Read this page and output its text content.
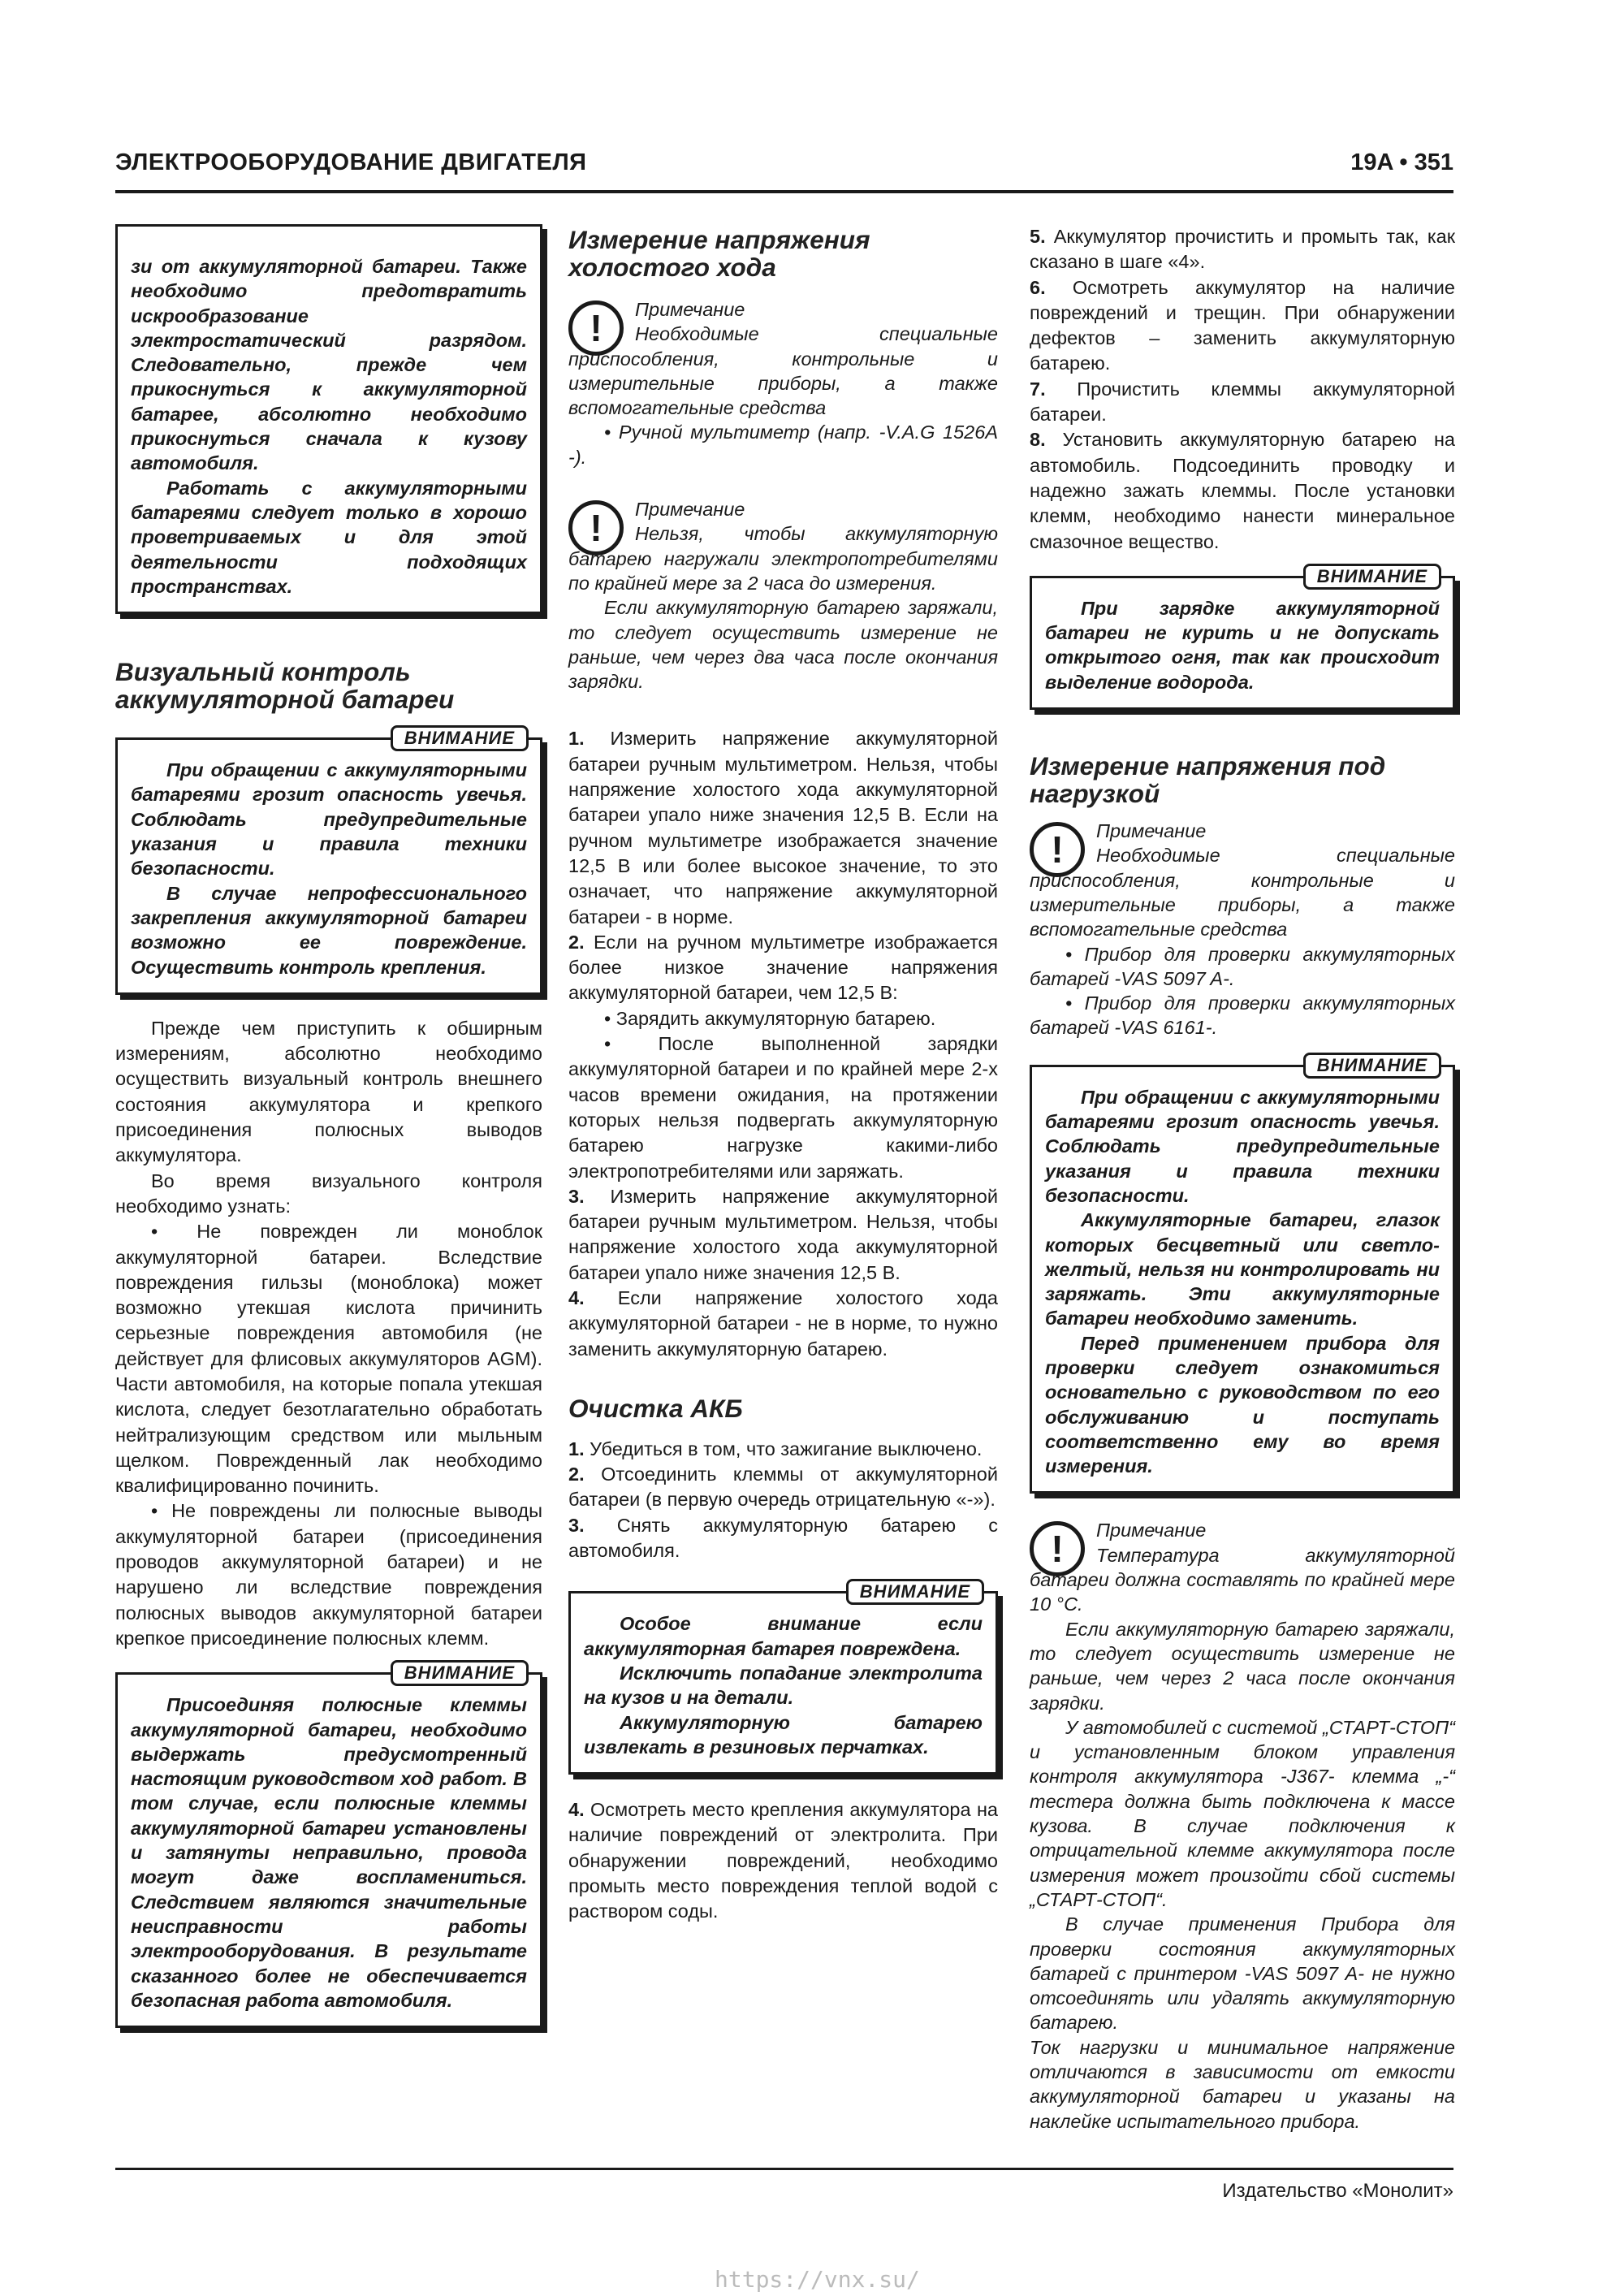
ЭЛЕКТРООБОРУДОВАНИЕ ДВИГАТЕЛЯ	19A • 351

зи от аккумуляторной батареи. Также необходимо предотвратить искрообразование электростатический разрядом. Следовательно, прежде чем прикоснуться к аккумуляторной батарее, абсолютно необходимо прикоснуться сначала к кузову автомобиля.

Работать с аккумуляторными батареями следует только в хорошо проветриваемых и для этой деятельности подходящих пространствах.

Визуальный контроль аккумуляторной батареи
ВНИМАНИЕ

При обращении с аккумуляторными батареями грозит опасность увечья. Соблюдать предупредительные указания и правила техники безопасности.

В случае непрофессионального закрепления аккумуляторной батареи возможно ее повреждение. Осуществить контроль крепления.

Прежде чем приступить к обширным измерениям, абсолютно необходимо осуществить визуальный контроль внешнего состояния аккумулятора и крепкого присоединения полюсных выводов аккумулятора.

Во время визуального контроля необходимо узнать:

• Не поврежден ли моноблок аккумуляторной батареи. Вследствие повреждения гильзы (моноблока) может возможно утекшая кислота причинить серьезные повреждения автомобиля (не действует для флисовых аккумуляторов AGM). Части автомобиля, на которые попала утекшая кислота, следует безотлагательно обработать нейтрализующим средством или мыльным щелком. Поврежденный лак необходимо квалифицированно починить.

• Не повреждены ли полюсные выводы аккумуляторной батареи (присоединения проводов аккумуляторной батареи) и не нарушено ли вследствие повреждения полюсных выводов аккумуляторной батареи крепкое присоединение полюсных клемм.

ВНИМАНИЕ

Присоединяя полюсные клеммы аккумуляторной батареи, необходимо выдержать предусмотренный настоящим руководством ход работ. В том случае, если полюсные клеммы аккумуляторной батареи установлены и затянуты неправильно, провода могут даже воспламениться. Следствием являются значительные неисправности работы электрооборудования. В результате сказанного более не обеспечивается безопасная работа автомобиля.

Измерение напряжения холостого хода
!	Примечание

Необходимые специальные приспособления, контрольные и измерительные приборы, а также вспомогательные средства

• Ручной мультиметр (напр. -V.A.G 1526A -).

!	Примечание

Нельзя, чтобы аккумуляторную батарею нагружали электропотребителями по крайней мере за 2 часа до измерения.

Если аккумуляторную батарею заряжали, то следует осуществить измерение не раньше, чем через два часа после окончания зарядки.

1. Измерить напряжение аккумуляторной батареи ручным мультиметром. Нельзя, чтобы напряжение холостого хода аккумуляторной батареи упало ниже значения 12,5 В. Если на ручном мультиметре изображается значение 12,5 В или более высокое значение, то это означает, что напряжение аккумуляторной батареи - в норме.

2. Если на ручном мультиметре изображается более низкое значение напряжения аккумуляторной батареи, чем 12,5 В:

• Зарядить аккумуляторную батарею.

• После выполненной зарядки аккумуляторной батареи и по крайней мере 2-х часов времени ожидания, на протяжении которых нельзя подвергать аккумуляторную батарею нагрузке какими-либо электропотребителями или заряжать.

3. Измерить напряжение аккумуляторной батареи ручным мультиметром. Нельзя, чтобы напряжение холостого хода аккумуляторной батареи упало ниже значения 12,5 В.

4. Если напряжение холостого хода аккумуляторной батареи - не в норме, то нужно заменить аккумуляторную батарею.

Очистка АКБ

1. Убедиться в том, что зажигание выключено.

2. Отсоединить клеммы от аккумуляторной батареи (в первую очередь отрицательную «-»).

3. Снять аккумуляторную батарею с автомобиля.

ВНИМАНИЕ

Особое внимание если аккумуляторная батарея повреждена.

Исключить попадание электролита на кузов и на детали.

Аккумуляторную батарею извлекать в резиновых перчатках.

4. Осмотреть место крепления аккумулятора на наличие повреждений от электролита. При обнаружении повреждений, необходимо промыть место повреждения теплой водой с раствором соды.

5. Аккумулятор прочистить и промыть так, как сказано в шаге «4».

6. Осмотреть аккумулятор на наличие повреждений и трещин. При обнаружении дефектов – заменить аккумуляторную батарею.

7. Прочистить клеммы аккумуляторной батареи.

8. Установить аккумуляторную батарею на автомобиль. Подсоединить проводку и надежно зажать клеммы. После установки клемм, необходимо нанести минеральное смазочное вещество.

ВНИМАНИЕ

При зарядке аккумуляторной батареи не курить и не допускать открытого огня, так как происходит выделение водорода.

Измерение напряжения под нагрузкой
!	Примечание

Необходимые специальные приспособления, контрольные и измерительные приборы, а также вспомогательные средства

• Прибор для проверки аккумуляторных батарей -VAS 5097 A-.

• Прибор для проверки аккумуляторных батарей -VAS 6161-.

ВНИМАНИЕ

При обращении с аккумуляторными батареями грозит опасность увечья. Соблюдать предупредительные указания и правила техники безопасности.

Аккумуляторные батареи, глазок которых бесцветный или светло-желтый, нельзя ни контролировать ни заряжать. Эти аккумуляторные батареи необходимо заменить.

Перед применением прибора для проверки следует ознакомиться основательно с руководством по его обслуживанию и поступать соответственно ему во время измерения.

!	Примечание

Температура аккумуляторной батареи должна составлять по крайней мере 10 °C.

Если аккумуляторную батарею заряжали, то следует осуществить измерение не раньше, чем через 2 часа после окончания зарядки.

У автомобилей с системой „СТАРТ-СТОП“ и установленным блоком управления контроля аккумулятора -J367- клемма „-“ тестера должна быть подключена к массе кузова. В случае подключения к отрицательной клемме аккумулятора после измерения может произойти сбой системы „СТАРТ-СТОП“.

В случае применения Прибора для проверки состояния аккумуляторных батарей с принтером -VAS 5097 A- не нужно отсоединять или удалять аккумуляторную батарею.

Ток нагрузки и минимальное напряжение отличаются в зависимости от емкости аккумуляторной батареи и указаны на наклейке испытательного прибора.

Издательство «Монолит»
https://vnx.su/
